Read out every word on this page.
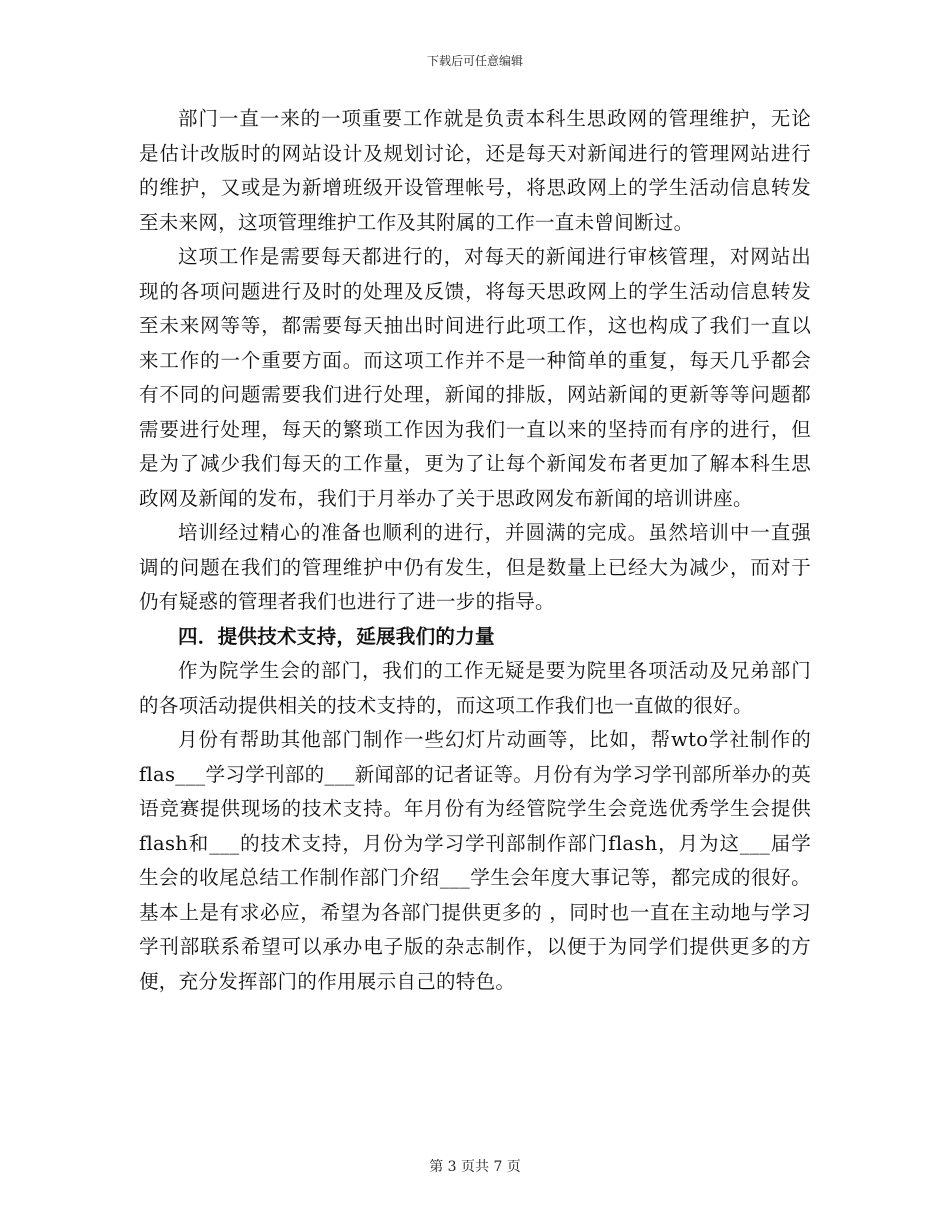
下载后可任意编辑

部门一直一来的一项重要工作就是负责本科生思政网的管理维护，无论是估计改版时的网站设计及规划讨论，还是每天对新闻进行的管理网站进行的维护，又或是为新增班级开设管理帐号，将思政网上的学生活动信息转发至未来网，这项管理维护工作及其附属的工作一直未曾间断过。

这项工作是需要每天都进行的，对每天的新闻进行审核管理，对网站出现的各项问题进行及时的处理及反馈，将每天思政网上的学生活动信息转发至未来网等等，都需要每天抽出时间进行此项工作，这也构成了我们一直以来工作的一个重要方面。而这项工作并不是一种简单的重复，每天几乎都会有不同的问题需要我们进行处理，新闻的排版，网站新闻的更新等等问题都需要进行处理，每天的繁琐工作因为我们一直以来的坚持而有序的进行，但是为了减少我们每天的工作量，更为了让每个新闻发布者更加了解本科生思政网及新闻的发布，我们于月举办了关于思政网发布新闻的培训讲座。

培训经过精心的准备也顺利的进行，并圆满的完成。虽然培训中一直强调的问题在我们的管理维护中仍有发生，但是数量上已经大为减少，而对于仍有疑惑的管理者我们也进行了进一步的指导。

四．提供技术支持，延展我们的力量

作为院学生会的部门，我们的工作无疑是要为院里各项活动及兄弟部门的各项活动提供相关的技术支持的，而这项工作我们也一直做的很好。

月份有帮助其他部门制作一些幻灯片动画等，比如，帮wto学社制作的flas___学习学刊部的___新闻部的记者证等。月份有为学习学刊部所举办的英语竞赛提供现场的技术支持。年月份有为经管院学生会竞选优秀学生会提供flash和___的技术支持，月份为学习学刊部制作部门flash，月为这___届学生会的收尾总结工作制作部门介绍___学生会年度大事记等，都完成的很好。基本上是有求必应，希望为各部门提供更多的 ，同时也一直在主动地与学习学刊部联系希望可以承办电子版的杂志制作，以便于为同学们提供更多的方便，充分发挥部门的作用展示自己的特色。

第 3 页共 7 页
